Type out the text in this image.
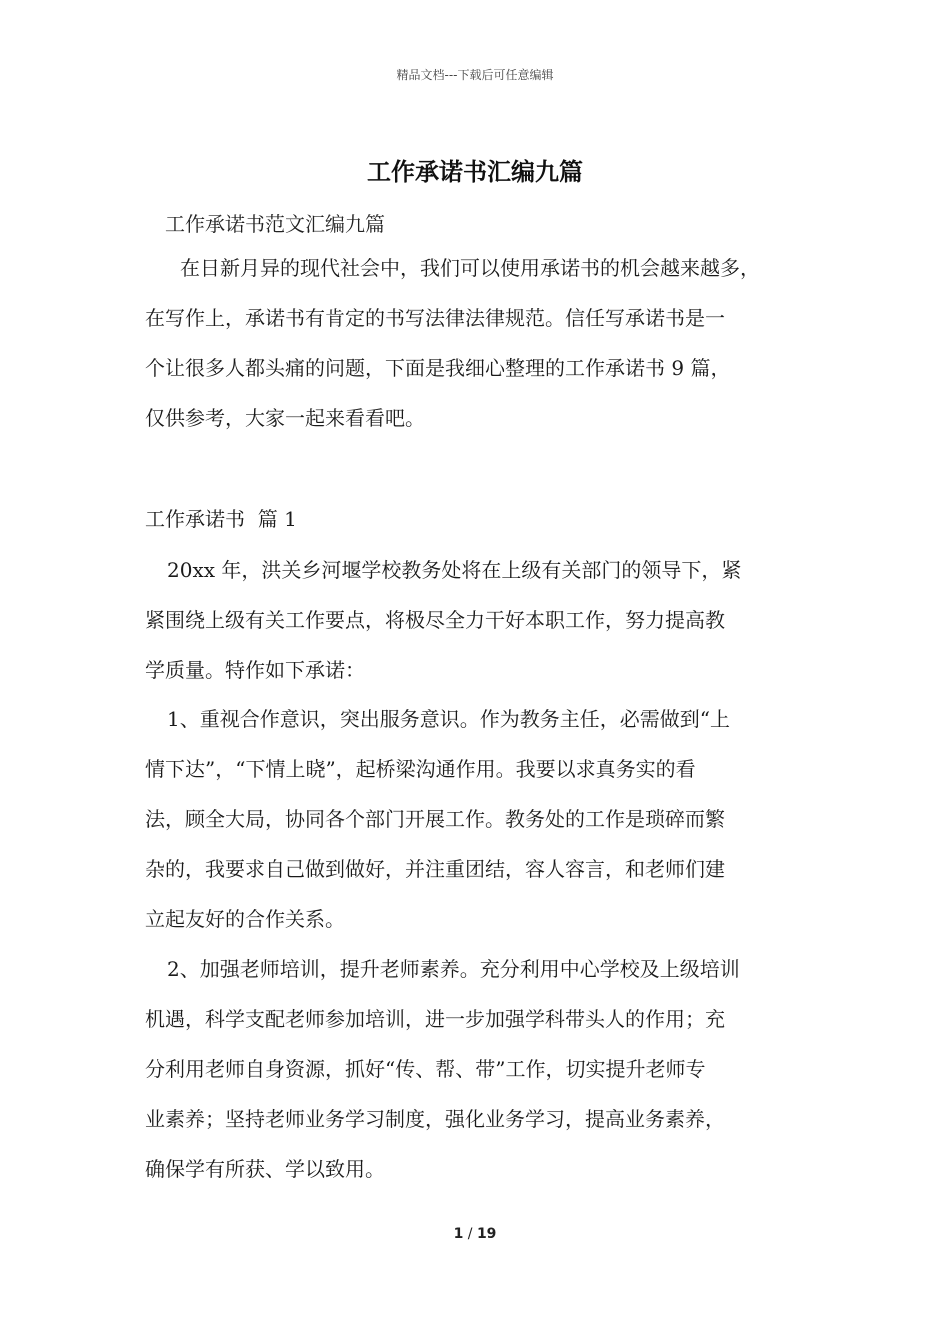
精品文档---下载后可任意编辑
工作承诺书汇编九篇
工作承诺书范文汇编九篇
在日新月异的现代社会中，我们可以使用承诺书的机会越来越多，
在写作上，承诺书有肯定的书写法律法律规范。信任写承诺书是一
个让很多人都头痛的问题，下面是我细心整理的工作承诺书 9 篇，
仅供参考，大家一起来看看吧。
工作承诺书  篇 1
20xx 年，洪关乡河堰学校教务处将在上级有关部门的领导下，紧
紧围绕上级有关工作要点，将极尽全力干好本职工作，努力提高教
学质量。特作如下承诺：
1、重视合作意识，突出服务意识。作为教务主任，必需做到“上
情下达”，“下情上晓”，起桥梁沟通作用。我要以求真务实的看
法，顾全大局，协同各个部门开展工作。教务处的工作是琐碎而繁
杂的，我要求自己做到做好，并注重团结，容人容言，和老师们建
立起友好的合作关系。
2、加强老师培训，提升老师素养。充分利用中心学校及上级培训
机遇，科学支配老师参加培训，进一步加强学科带头人的作用；充
分利用老师自身资源，抓好“传、帮、带”工作，切实提升老师专
业素养；坚持老师业务学习制度，强化业务学习，提高业务素养，
确保学有所获、学以致用。
1 / 19
